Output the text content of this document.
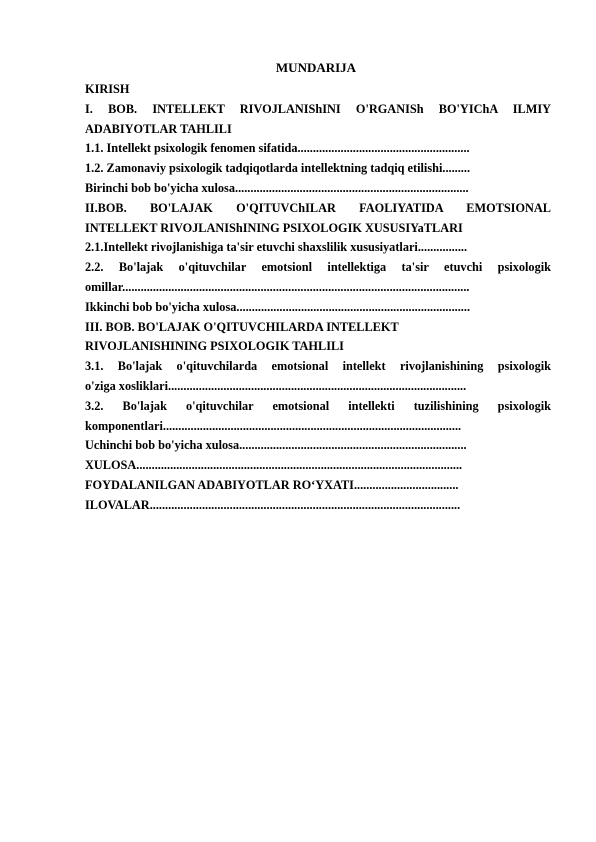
MUNDARIJA
KIRISH
I. BOB. INTELLEKT RIVOJLANIShINI O'RGANISh BO'YIChA ILMIY
ADABIYOTLAR TAHLILI
1.1. Intellekt psixologik fenomen sifatida........................................................
1.2. Zamonaviy psixologik tadqiqotlarda intellektning tadqiq etilishi.........
Birinchi bob bo'yicha xulosa............................................................................
II.BOB. BO'LAJAK O'QITUVChILAR FAOLIYATIDA EMOTSIONAL
INTELLEKT RIVOJLANIShINING PSIXOLOGIK XUSUSIYaTLARI
2.1.Intellekt rivojlanishiga ta'sir etuvchi shaxslilik xususiyatlari................
2.2. Bo'lajak o'qituvchilar emotsionl intellektiga ta'sir etuvchi psixologik
omillar.................................................................................................................
Ikkinchi bob bo'yicha xulosa............................................................................
III. BOB. BO'LAJAK O'QITUVCHILARDA INTELLEKT
RIVOJLANISHINING PSIXOLOGIK TAHLILI
3.1. Bo'lajak o'qituvchilarda emotsional intellekt rivojlanishining psixologik
o'ziga xosliklari.................................................................................................
3.2. Bo'lajak o'qituvchilar emotsional intellekti tuzilishining psixologik
komponentlari.................................................................................................
Uchinchi bob bo'yicha xulosa..........................................................................
XULOSA..........................................................................................................
FOYDALANILGAN ADABIYOTLAR RO‘YXATI..................................
ILOVALAR.....................................................................................................
